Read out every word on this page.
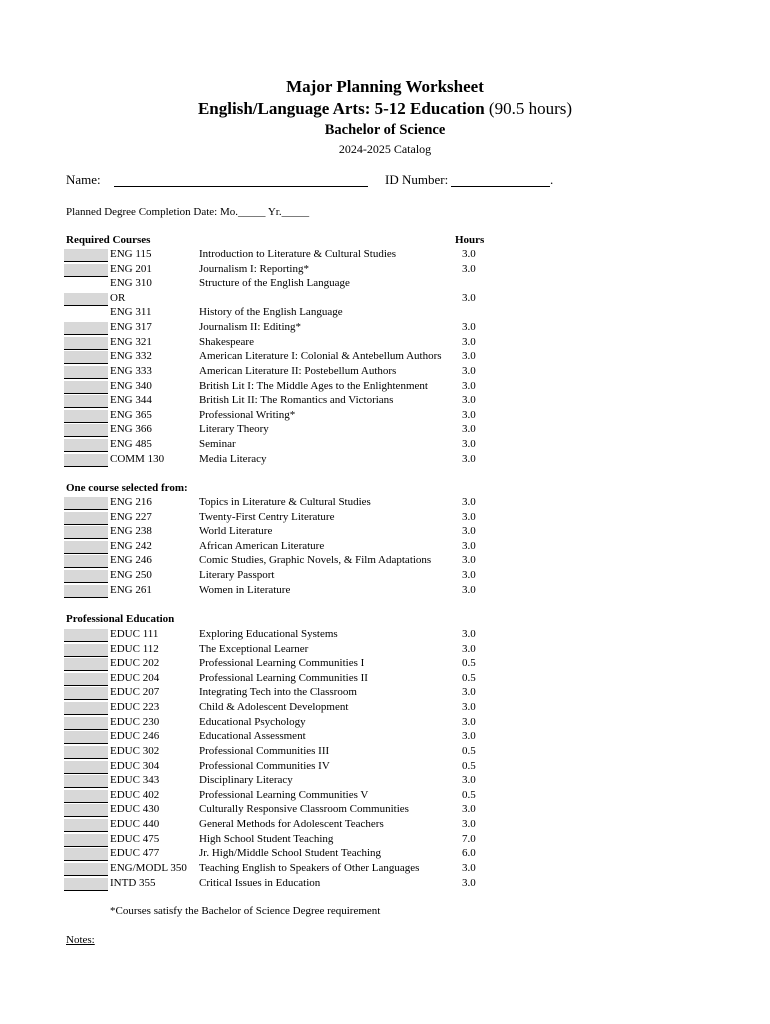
Major Planning Worksheet
English/Language Arts: 5-12 Education (90.5 hours)
Bachelor of Science
2024-2025 Catalog
Name:	ID Number:	.
Planned Degree Completion Date: Mo._____ Yr._____
Hours
Required Courses
ENG 115	Introduction to Literature & Cultural Studies	3.0
ENG 201	Journalism I: Reporting*	3.0
ENG 310	Structure of the English Language
OR	3.0
ENG 311	History of the English Language
ENG 317	Journalism II: Editing*	3.0
ENG 321	Shakespeare	3.0
ENG 332	American Literature I: Colonial & Antebellum Authors 3.0
ENG 333	American Literature II: Postebellum Authors	3.0
ENG 340	British Lit I: The Middle Ages to the Enlightenment	3.0
ENG 344	British Lit II: The Romantics and Victorians	3.0
ENG 365	Professional Writing*	3.0
ENG 366	Literary Theory	3.0
ENG 485	Seminar	3.0
COMM 130	Media Literacy	3.0
One course selected from:
ENG 216	Topics in Literature & Cultural Studies	3.0
ENG 227	Twenty-First Centry Literature	3.0
ENG 238	World Literature	3.0
ENG 242	African American Literature	3.0
ENG 246	Comic Studies, Graphic Novels, & Film Adaptations	3.0
ENG 250	Literary Passport	3.0
ENG 261	Women in Literature	3.0
Professional Education
EDUC 111	Exploring Educational Systems	3.0
EDUC 112	The Exceptional Learner	3.0
EDUC 202	Professional Learning Communities I	0.5
EDUC 204	Professional Learning Communities II	0.5
EDUC 207	Integrating Tech into the Classroom	3.0
EDUC 223	Child & Adolescent Development	3.0
EDUC 230	Educational Psychology	3.0
EDUC 246	Educational Assessment	3.0
EDUC 302	Professional Communities III	0.5
EDUC 304	Professional Communities IV	0.5
EDUC 343	Disciplinary Literacy	3.0
EDUC 402	Professional Learning Communities V	0.5
EDUC 430	Culturally Responsive Classroom Communities	3.0
EDUC 440	General Methods for Adolescent Teachers	3.0
EDUC 475	High School Student Teaching	7.0
EDUC 477	Jr. High/Middle School Student Teaching	6.0
ENG/MODL 350 Teaching English to Speakers of Other Languages	3.0
INTD 355	Critical Issues in Education	3.0
*Courses satisfy the Bachelor of Science Degree requirement
Notes:
